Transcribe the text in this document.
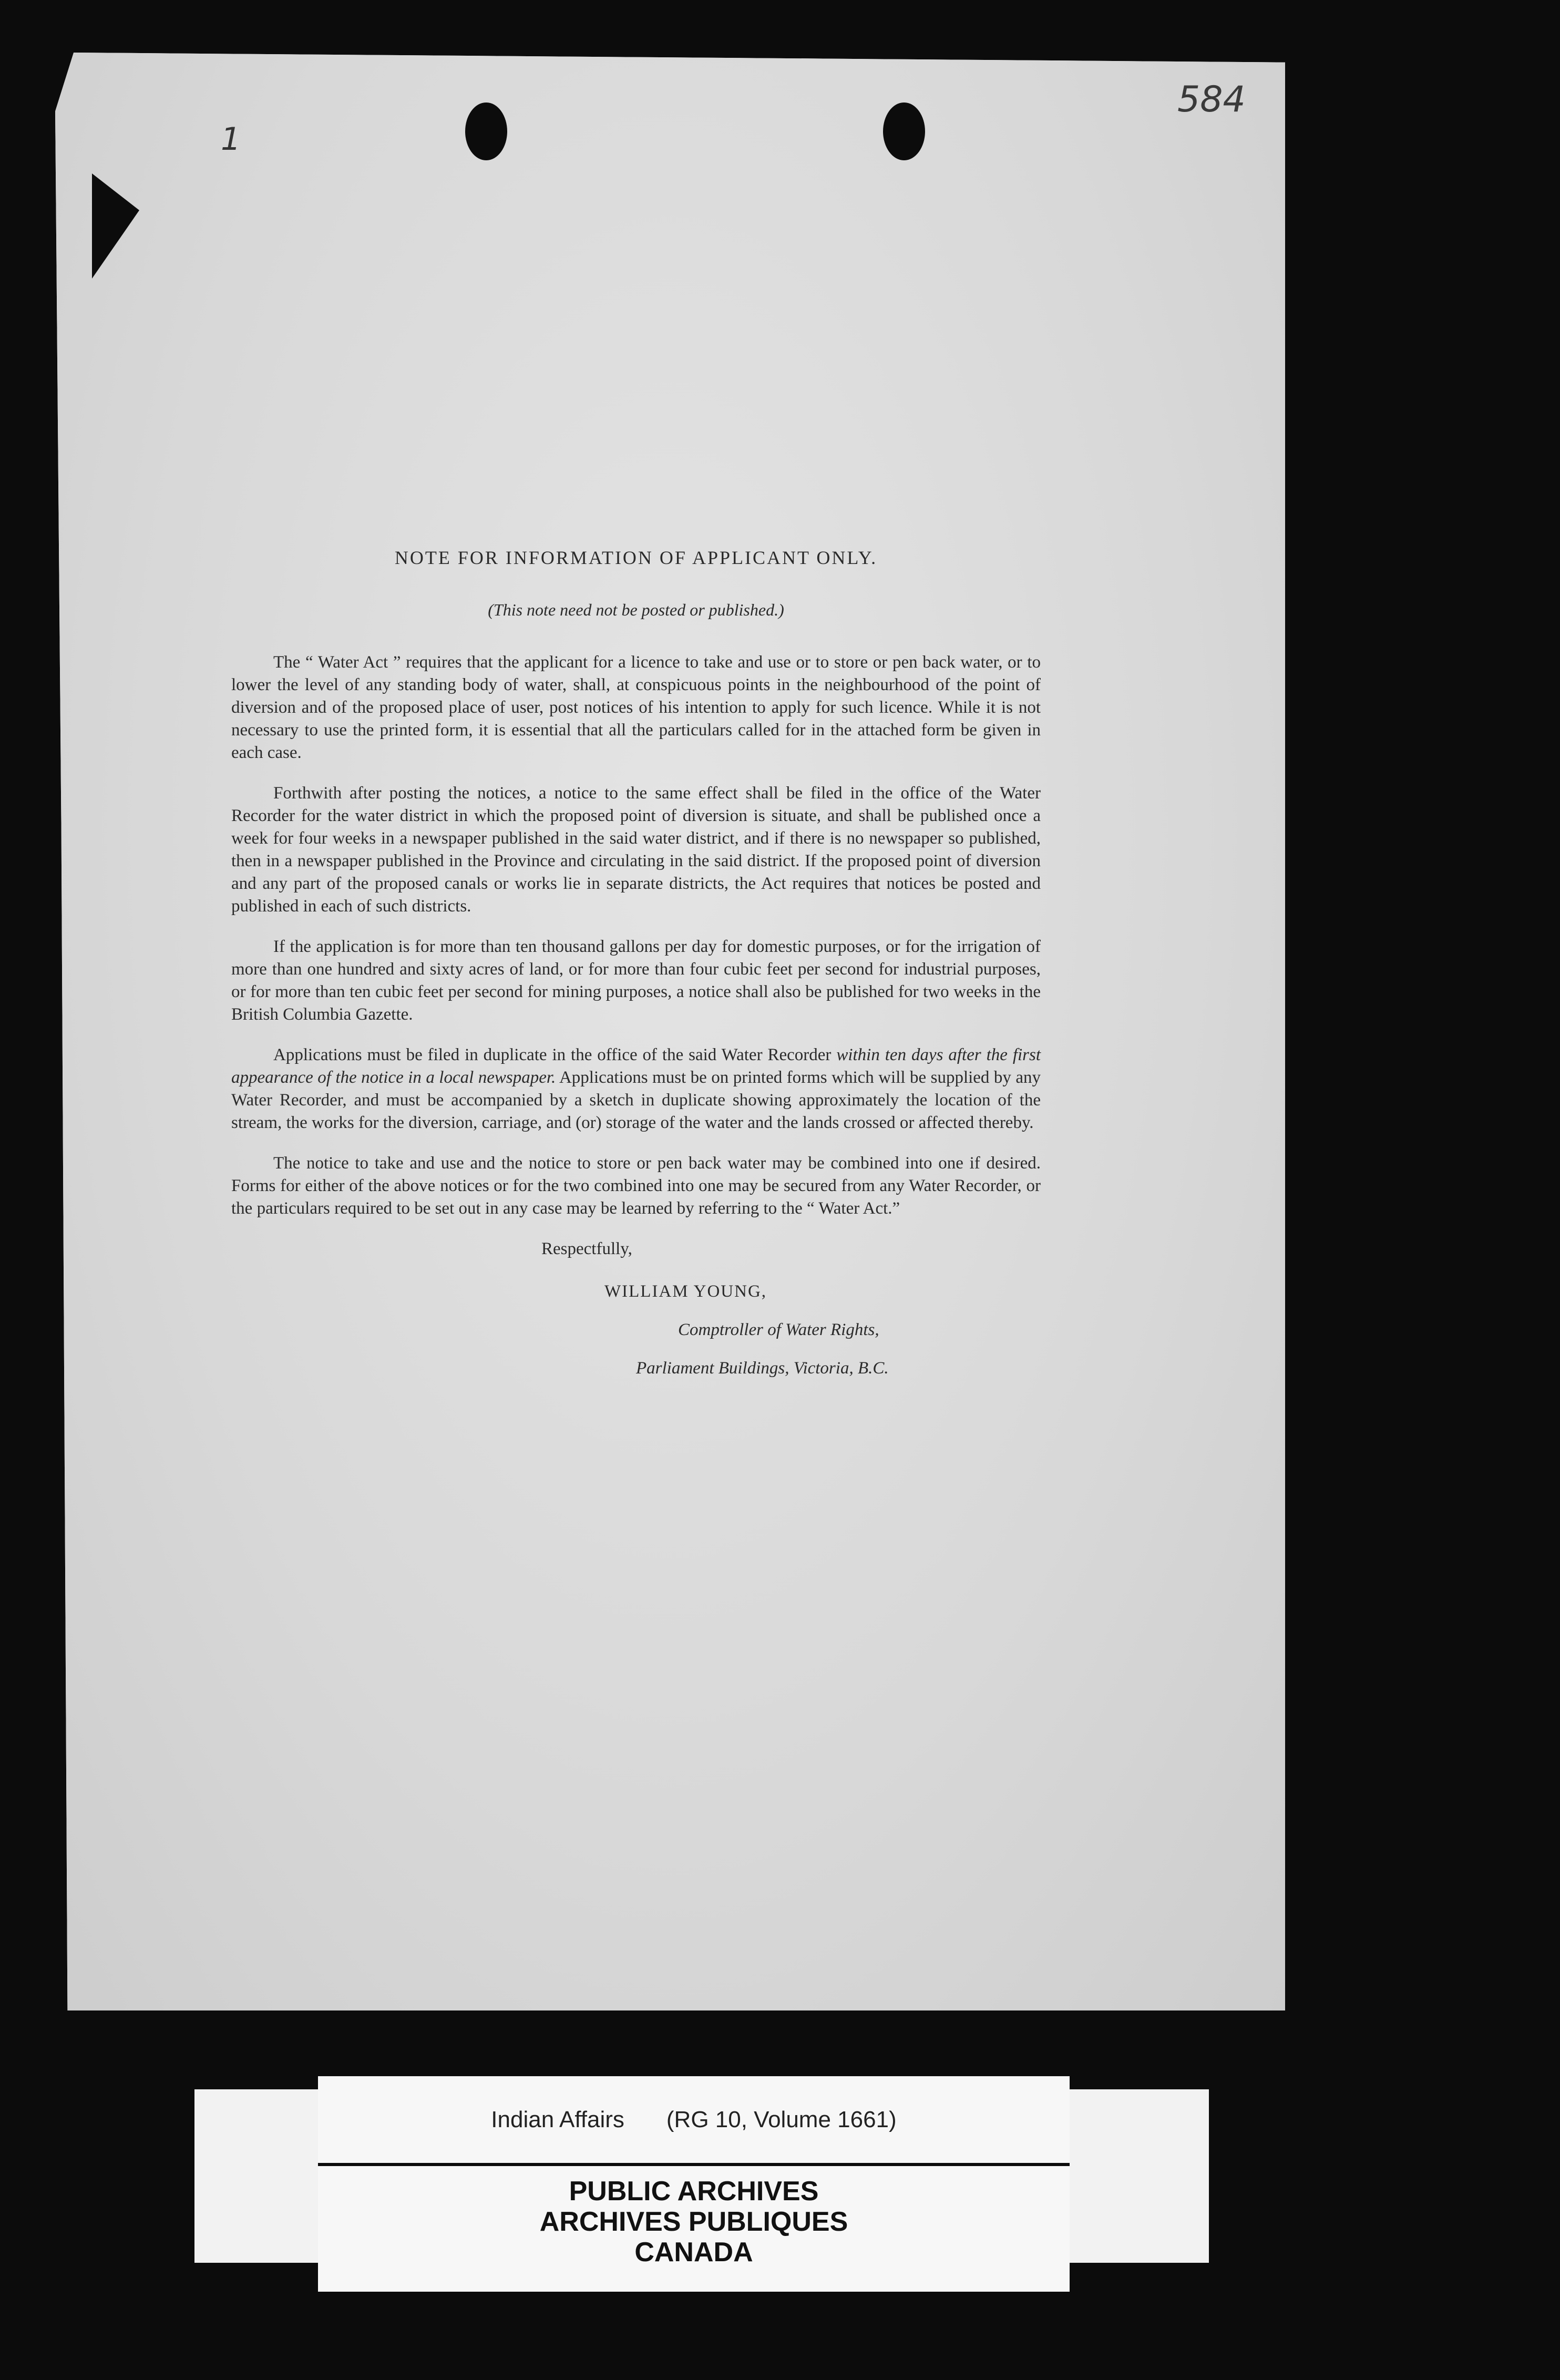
584
1
NOTE FOR INFORMATION OF APPLICANT ONLY.
(This note need not be posted or published.)

The “ Water Act ” requires that the applicant for a licence to take and use or to store or pen back water, or to lower the level of any standing body of water, shall, at conspicuous points in the neighbourhood of the point of diversion and of the proposed place of user, post notices of his intention to apply for such licence. While it is not necessary to use the printed form, it is essential that all the particulars called for in the attached form be given in each case.

Forthwith after posting the notices, a notice to the same effect shall be filed in the office of the Water Recorder for the water district in which the proposed point of diversion is situate, and shall be published once a week for four weeks in a newspaper published in the said water district, and if there is no newspaper so published, then in a newspaper published in the Province and circulating in the said district. If the proposed point of diversion and any part of the proposed canals or works lie in separate districts, the Act requires that notices be posted and published in each of such districts.

If the application is for more than ten thousand gallons per day for domestic purposes, or for the irrigation of more than one hundred and sixty acres of land, or for more than four cubic feet per second for industrial purposes, or for more than ten cubic feet per second for mining purposes, a notice shall also be published for two weeks in the British Columbia Gazette.

Applications must be filed in duplicate in the office of the said Water Recorder within ten days after the first appearance of the notice in a local newspaper. Applications must be on printed forms which will be supplied by any Water Recorder, and must be accompanied by a sketch in duplicate showing approximately the location of the stream, the works for the diversion, carriage, and (or) storage of the water and the lands crossed or affected thereby.

The notice to take and use and the notice to store or pen back water may be combined into one if desired. Forms for either of the above notices or for the two combined into one may be secured from any Water Recorder, or the particulars required to be set out in any case may be learned by referring to the “ Water Act.”

Respectfully,
WILLIAM YOUNG,
Comptroller of Water Rights,
Parliament Buildings, Victoria, B.C.
Indian Affairs (RG 10, Volume 1661)
PUBLIC ARCHIVES
ARCHIVES PUBLIQUES
CANADA
